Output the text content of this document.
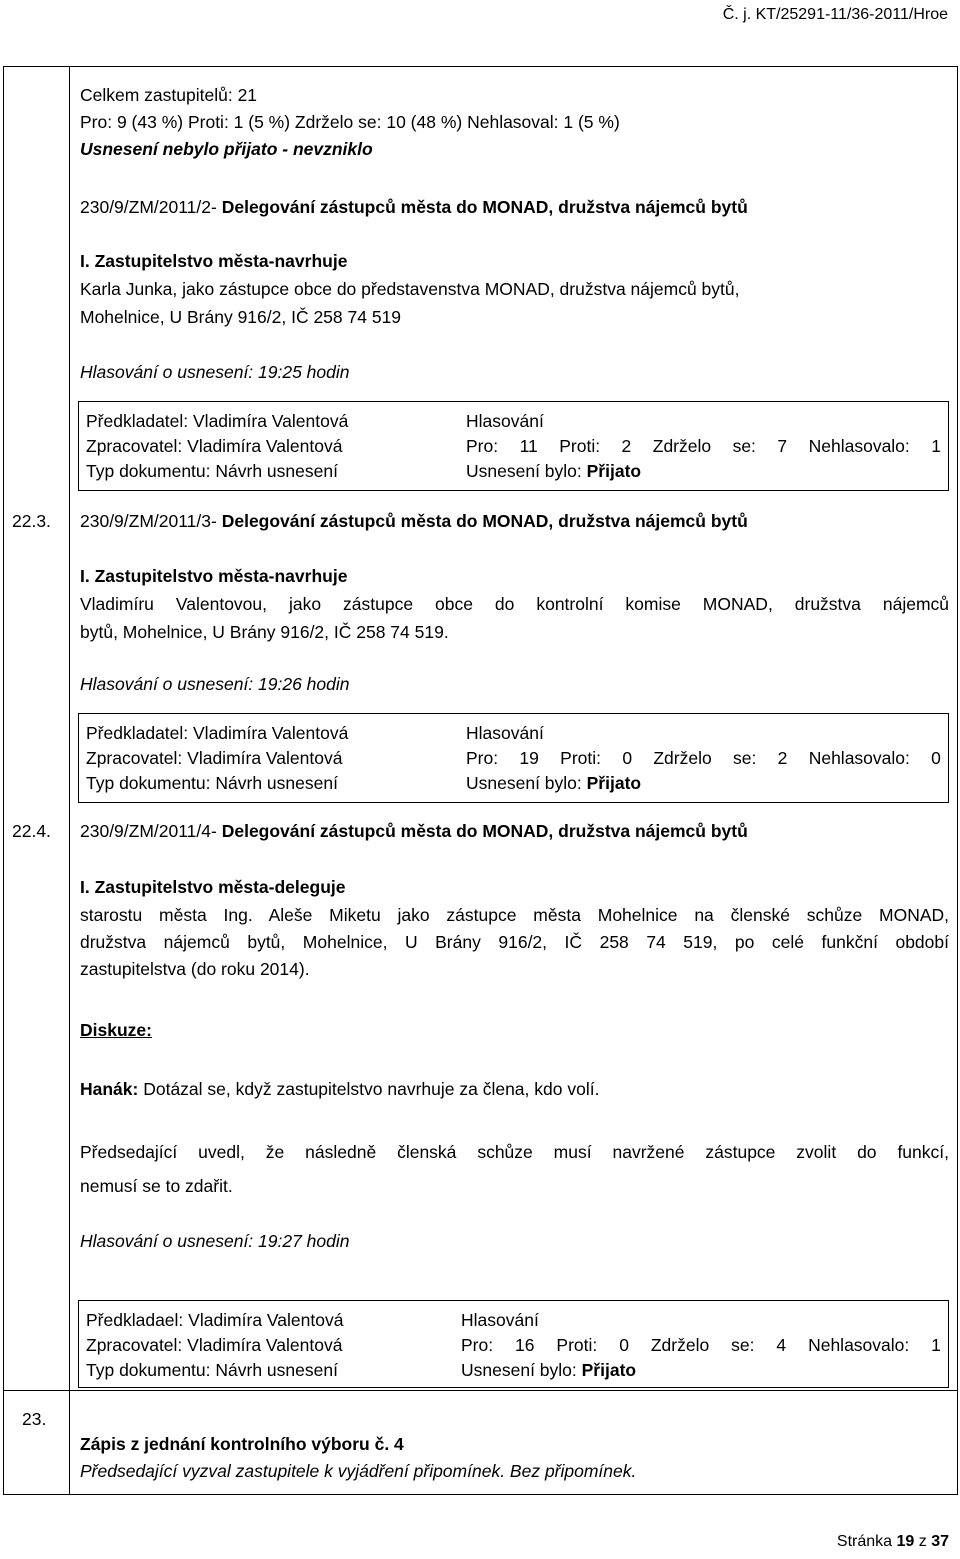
Č. j. KT/25291-11/36-2011/Hroe
Celkem zastupitelů: 21
Pro: 9 (43 %) Proti: 1 (5 %) Zdrželo se: 10 (48 %) Nehlasoval: 1 (5 %)
Usnesení nebylo přijato - nevzniklo
230/9/ZM/2011/2- Delegování zástupců města do MONAD, družstva nájemců bytů
I. Zastupitelstvo města-navrhuje
Karla Junka, jako zástupce obce do představenstva MONAD, družstva nájemců bytů,
Mohelnice, U Brány 916/2, IČ 258 74 519
Hlasování o usnesení: 19:25 hodin
Předkladatel: Vladimíra Valentová
Zpracovatel: Vladimíra Valentová
Typ dokumentu: Návrh usnesení
Hlasování
Pro: 11 Proti: 2 Zdrželo se: 7 Nehlasovalo: 1
Usnesení bylo: Přijato
22.3. 230/9/ZM/2011/3- Delegování zástupců města do MONAD, družstva nájemců bytů
I. Zastupitelstvo města-navrhuje
Vladimíru Valentovou, jako zástupce obce do kontrolní komise MONAD, družstva nájemců
bytů, Mohelnice, U Brány 916/2, IČ 258 74 519.
Hlasování o usnesení: 19:26 hodin
Předkladatel: Vladimíra Valentová
Zpracovatel: Vladimíra Valentová
Typ dokumentu: Návrh usnesení
Hlasování
Pro: 19 Proti: 0 Zdrželo se: 2 Nehlasovalo: 0
Usnesení bylo: Přijato
22.4. 230/9/ZM/2011/4- Delegování zástupců města do MONAD, družstva nájemců bytů
I. Zastupitelstvo města-deleguje
starostu města Ing. Aleše Miketu jako zástupce města Mohelnice na členské schůze MONAD,
družstva nájemců bytů, Mohelnice, U Brány 916/2, IČ 258 74 519, po celé funkční období
zastupitelstva (do roku 2014).
Diskuze:
Hanák: Dotázal se, když zastupitelstvo navrhuje za člena, kdo volí.
Předsedající uvedl, že následně členská schůze musí navržené zástupce zvolit do funkcí,
nemusí se to zdařit.
Hlasování o usnesení: 19:27 hodin
Předkladael: Vladimíra Valentová
Zpracovatel: Vladimíra Valentová
Typ dokumentu: Návrh usnesení
Hlasování
Pro: 16 Proti: 0 Zdrželo se: 4 Nehlasovalo: 1
Usnesení bylo: Přijato
23.
Zápis z jednání kontrolního výboru č. 4
Předsedající vyzval zastupitele k vyjádření připomínek. Bez připomínek.
Stránka 19 z 37
